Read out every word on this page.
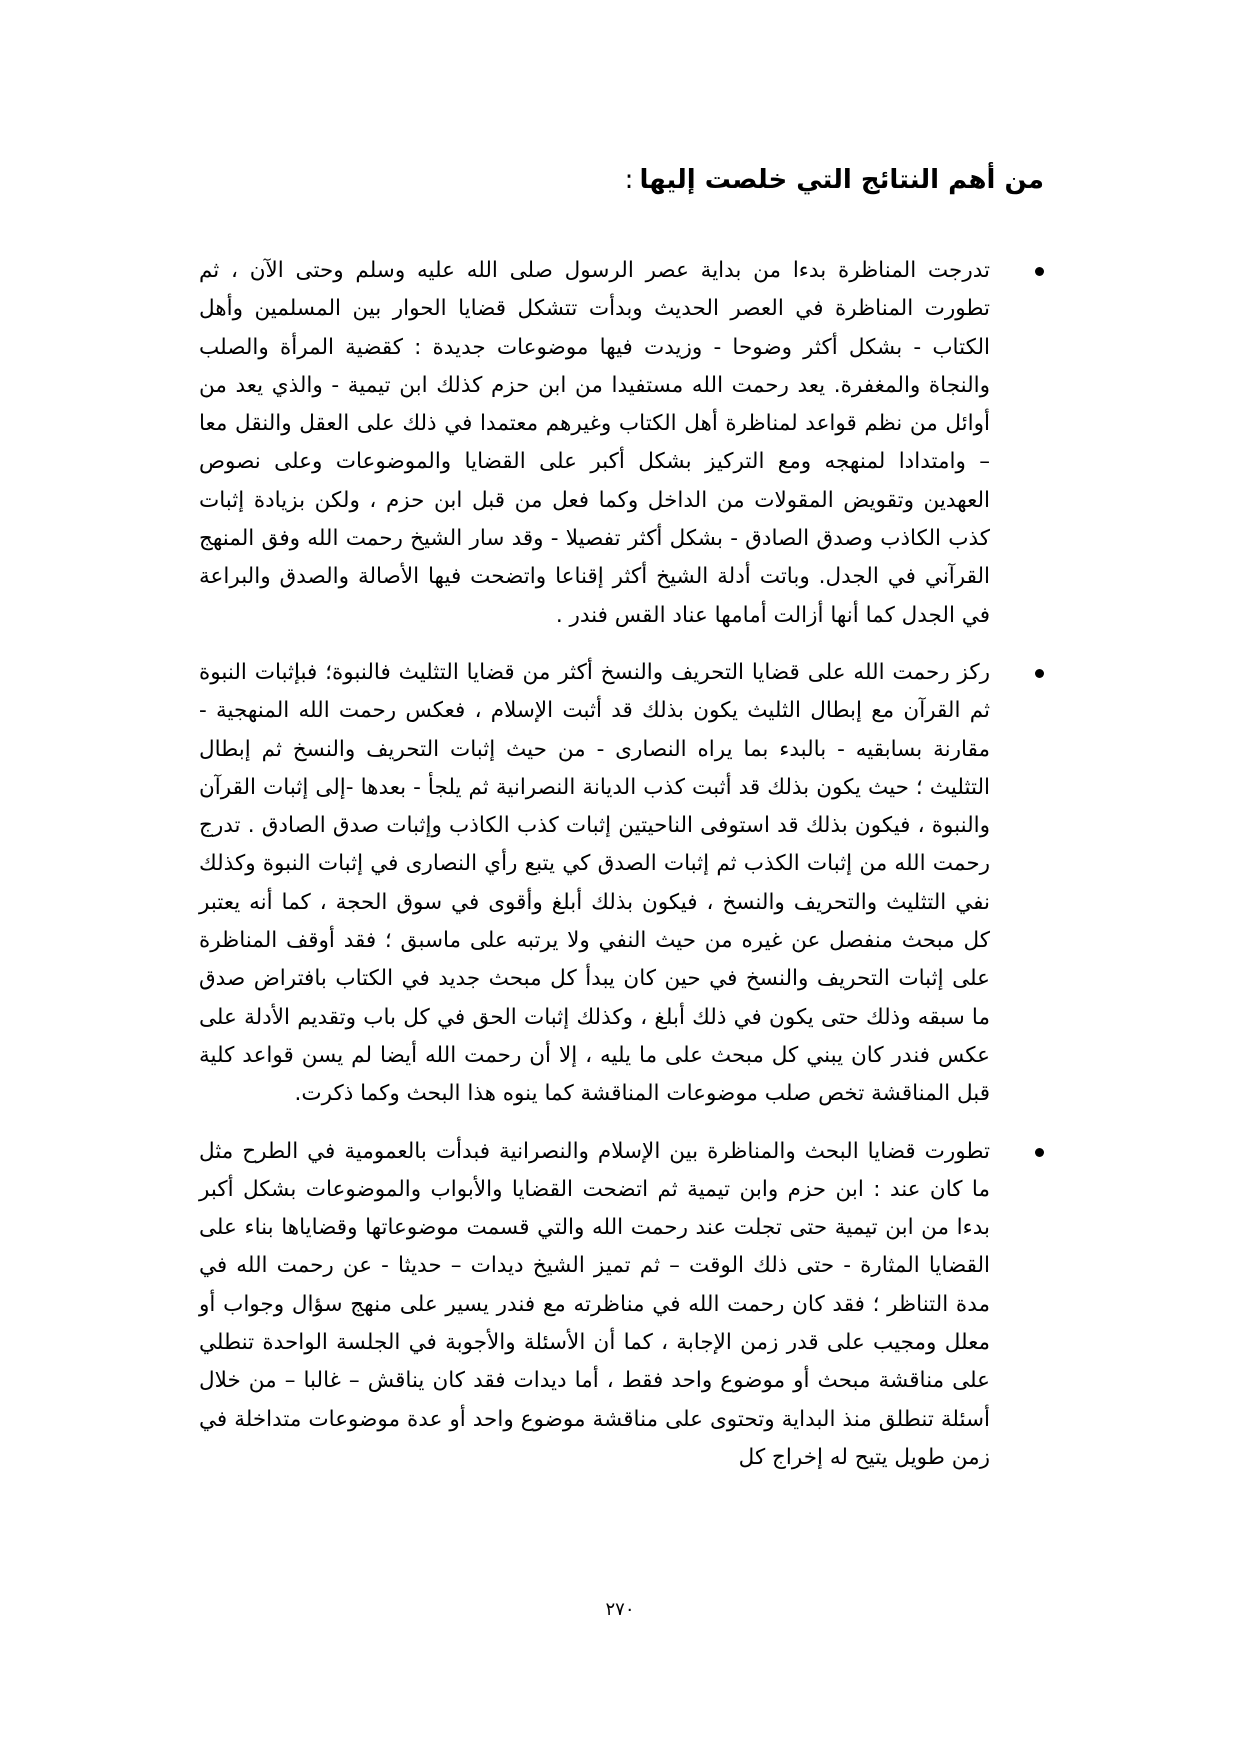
من أهم النتائج التي خلصت إليها:
تدرجت المناظرة بدءا من بداية عصر الرسول صلى الله عليه وسلم وحتى الآن ، ثم تطورت المناظرة في العصر الحديث وبدأت تتشكل قضايا الحوار بين المسلمين وأهل الكتاب - بشكل أكثر وضوحا - وزيدت فيها موضوعات جديدة : كقضية المرأة والصلب والنجاة والمغفرة. يعد رحمت الله مستفيدا من ابن حزم كذلك ابن تيمية - والذي يعد من أوائل من نظم قواعد لمناظرة أهل الكتاب وغيرهم معتمدا في ذلك على العقل والنقل معا – وامتدادا لمنهجه ومع التركيز بشكل أكبر على القضايا والموضوعات وعلى نصوص العهدين وتقويض المقولات من الداخل وكما فعل من قبل ابن حزم ، ولكن بزيادة إثبات كذب الكاذب وصدق الصادق - بشكل أكثر تفصيلا - وقد سار الشيخ رحمت الله وفق المنهج القرآني في الجدل. وباتت أدلة الشيخ أكثر إقناعا واتضحت فيها الأصالة والصدق والبراعة في الجدل كما أنها أزالت أمامها عناد القس فندر .
ركز رحمت الله على قضايا التحريف والنسخ أكثر من قضايا التثليث فالنبوة؛ فبإثبات النبوة ثم القرآن مع إبطال الثليث يكون بذلك قد أثبت الإسلام ، فعكس رحمت الله المنهجية - مقارنة بسابقيه - بالبدء بما يراه النصارى - من حيث إثبات التحريف والنسخ ثم إبطال التثليث ؛ حيث يكون بذلك قد أثبت كذب الديانة النصرانية ثم يلجأ - بعدها -إلى إثبات القرآن والنبوة ، فيكون بذلك قد استوفى الناحيتين إثبات كذب الكاذب وإثبات صدق الصادق . تدرج رحمت الله من إثبات الكذب ثم إثبات الصدق كي يتبع رأي النصارى في إثبات النبوة وكذلك نفي التثليث والتحريف والنسخ ، فيكون بذلك أبلغ وأقوى في سوق الحجة ، كما أنه يعتبر كل مبحث منفصل عن غيره من حيث النفي ولا يرتبه على ماسبق ؛ فقد أوقف المناظرة على إثبات التحريف والنسخ في حين كان يبدأ كل مبحث جديد في الكتاب بافتراض صدق ما سبقه وذلك حتى يكون في ذلك أبلغ ، وكذلك إثبات الحق في كل باب وتقديم الأدلة على عكس فندر كان يبني كل مبحث على ما يليه ، إلا أن رحمت الله أيضا لم يسن قواعد كلية قبل المناقشة تخص صلب موضوعات المناقشة كما ينوه هذا البحث وكما ذكرت.
تطورت قضايا البحث والمناظرة بين الإسلام والنصرانية فبدأت بالعمومية في الطرح مثل ما كان عند : ابن حزم وابن تيمية ثم اتضحت القضايا والأبواب والموضوعات بشكل أكبر بدءا من ابن تيمية حتى تجلت عند رحمت الله والتي قسمت موضوعاتها وقضاياها بناء على القضايا المثارة - حتى ذلك الوقت – ثم تميز الشيخ ديدات – حديثا - عن رحمت الله في مدة التناظر ؛ فقد كان رحمت الله في مناظرته مع فندر يسير على منهج سؤال وجواب أو معلل ومجيب على قدر زمن الإجابة ، كما أن الأسئلة والأجوبة في الجلسة الواحدة تنطلي على مناقشة مبحث أو موضوع واحد فقط ، أما ديدات فقد كان يناقش – غالبا – من خلال أسئلة تنطلق منذ البداية وتحتوى على مناقشة موضوع واحد أو عدة موضوعات متداخلة في زمن طويل يتيح له إخراج كل
٢٧٠
